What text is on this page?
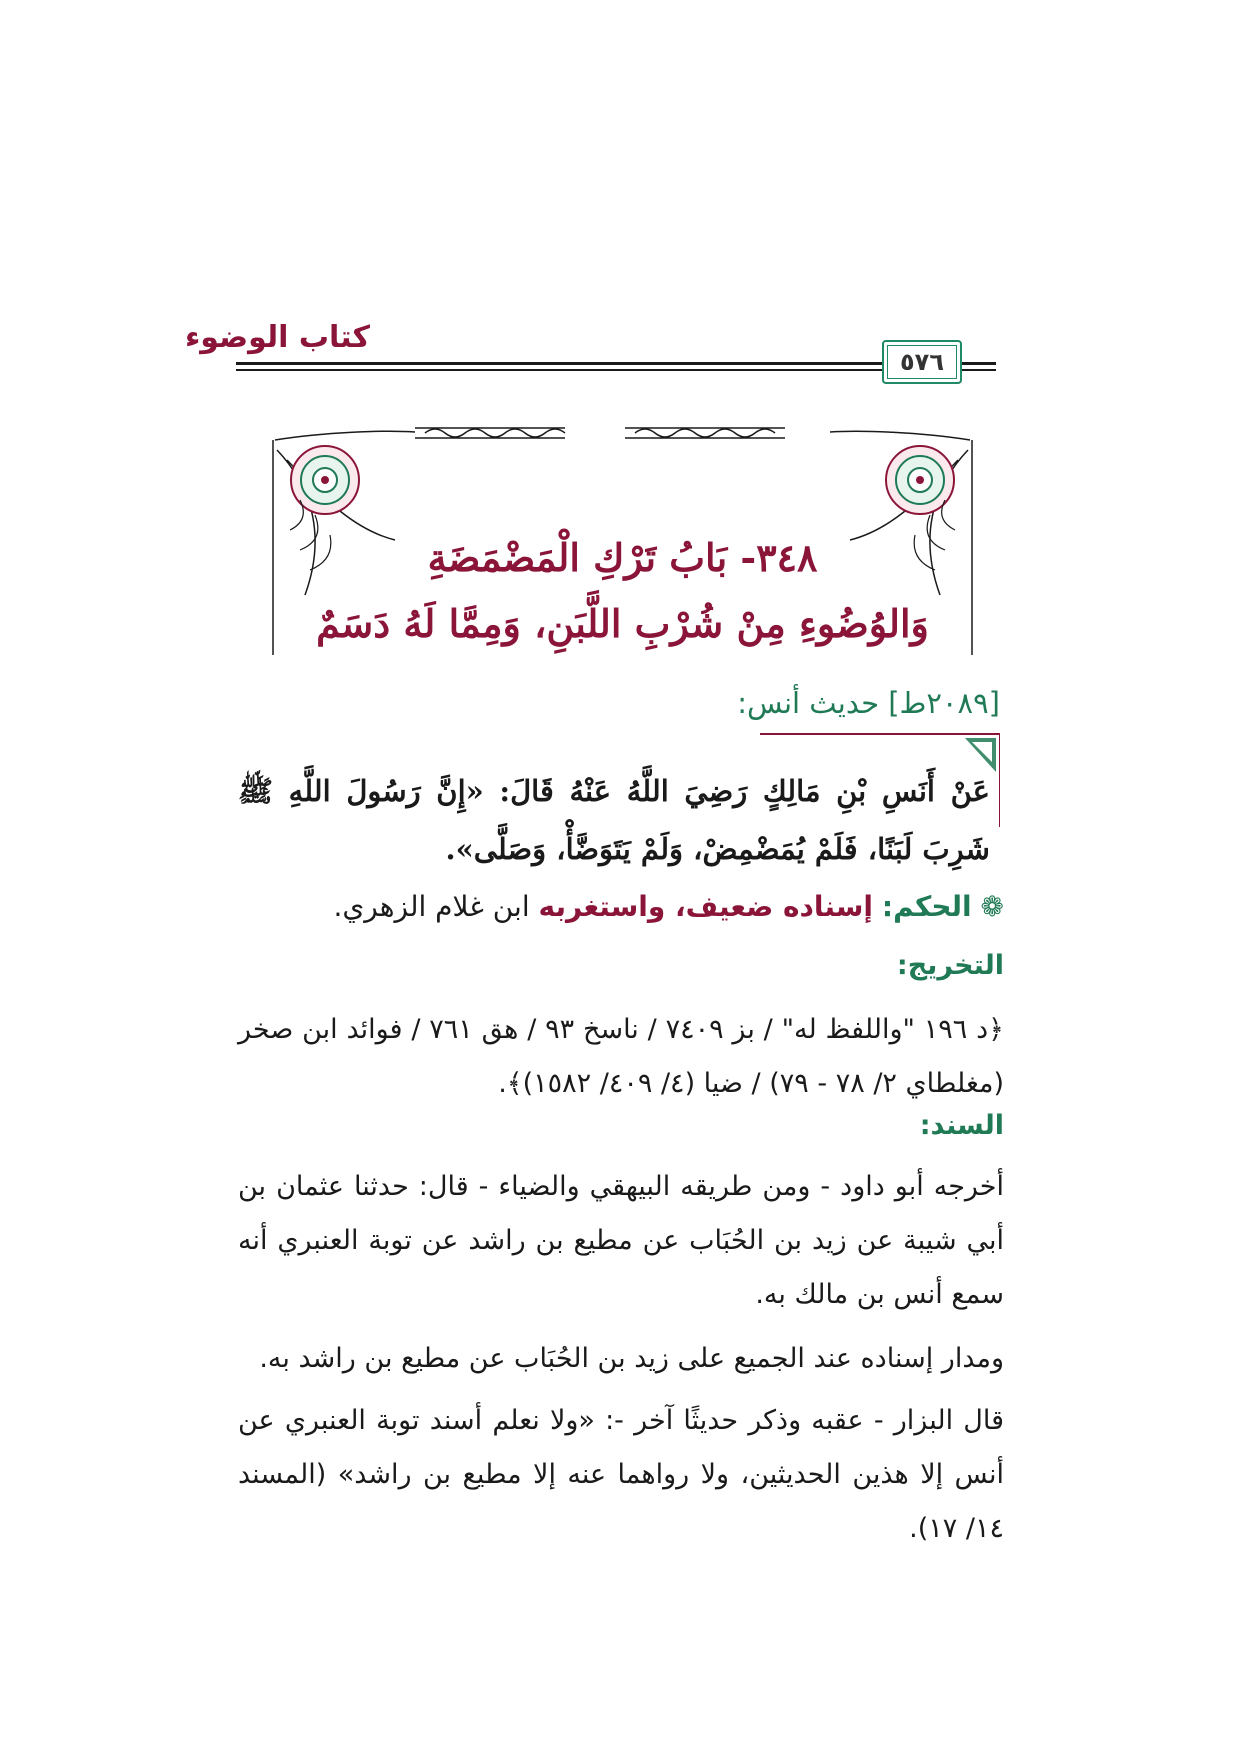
كتاب الوضوء
٥٧٦
٣٤٨- بَابُ تَرْكِ الْمَضْمَضَةِ
وَالوُضُوءِ مِنْ شُرْبِ اللَّبَنِ، وَمِمَّا لَهُ دَسَمٌ
[٢٠٨٩ط] حديث أنس:
عَنْ أَنَسِ بْنِ مَالِكٍ رَضِيَ اللَّهُ عَنْهُ قَالَ: «إِنَّ رَسُولَ اللَّهِ ﷺ شَرِبَ لَبَنًا، فَلَمْ يُمَضْمِضْ، وَلَمْ يَتَوَضَّأْ، وَصَلَّى».
❁ الحكم: إسناده ضعيف، واستغربه ابن غلام الزهري.
التخريج:
﴿د ١٩٦ "واللفظ له" / بز ٧٤٠٩ / ناسخ ٩٣ / هق ٧٦١ / فوائد ابن صخر (مغلطاي ٢/ ٧٨ - ٧٩) / ضيا (٤/ ٤٠٩/ ١٥٨٢)﴾.
السند:
أخرجه أبو داود - ومن طريقه البيهقي والضياء - قال: حدثنا عثمان بن أبي شيبة عن زيد بن الحُبَاب عن مطيع بن راشد عن توبة العنبري أنه سمع أنس بن مالك به.
ومدار إسناده عند الجميع على زيد بن الحُبَاب عن مطيع بن راشد به.
قال البزار - عقبه وذكر حديثًا آخر -: «ولا نعلم أسند توبة العنبري عن أنس إلا هذين الحديثين، ولا رواهما عنه إلا مطيع بن راشد» (المسند ١٤/ ١٧).
